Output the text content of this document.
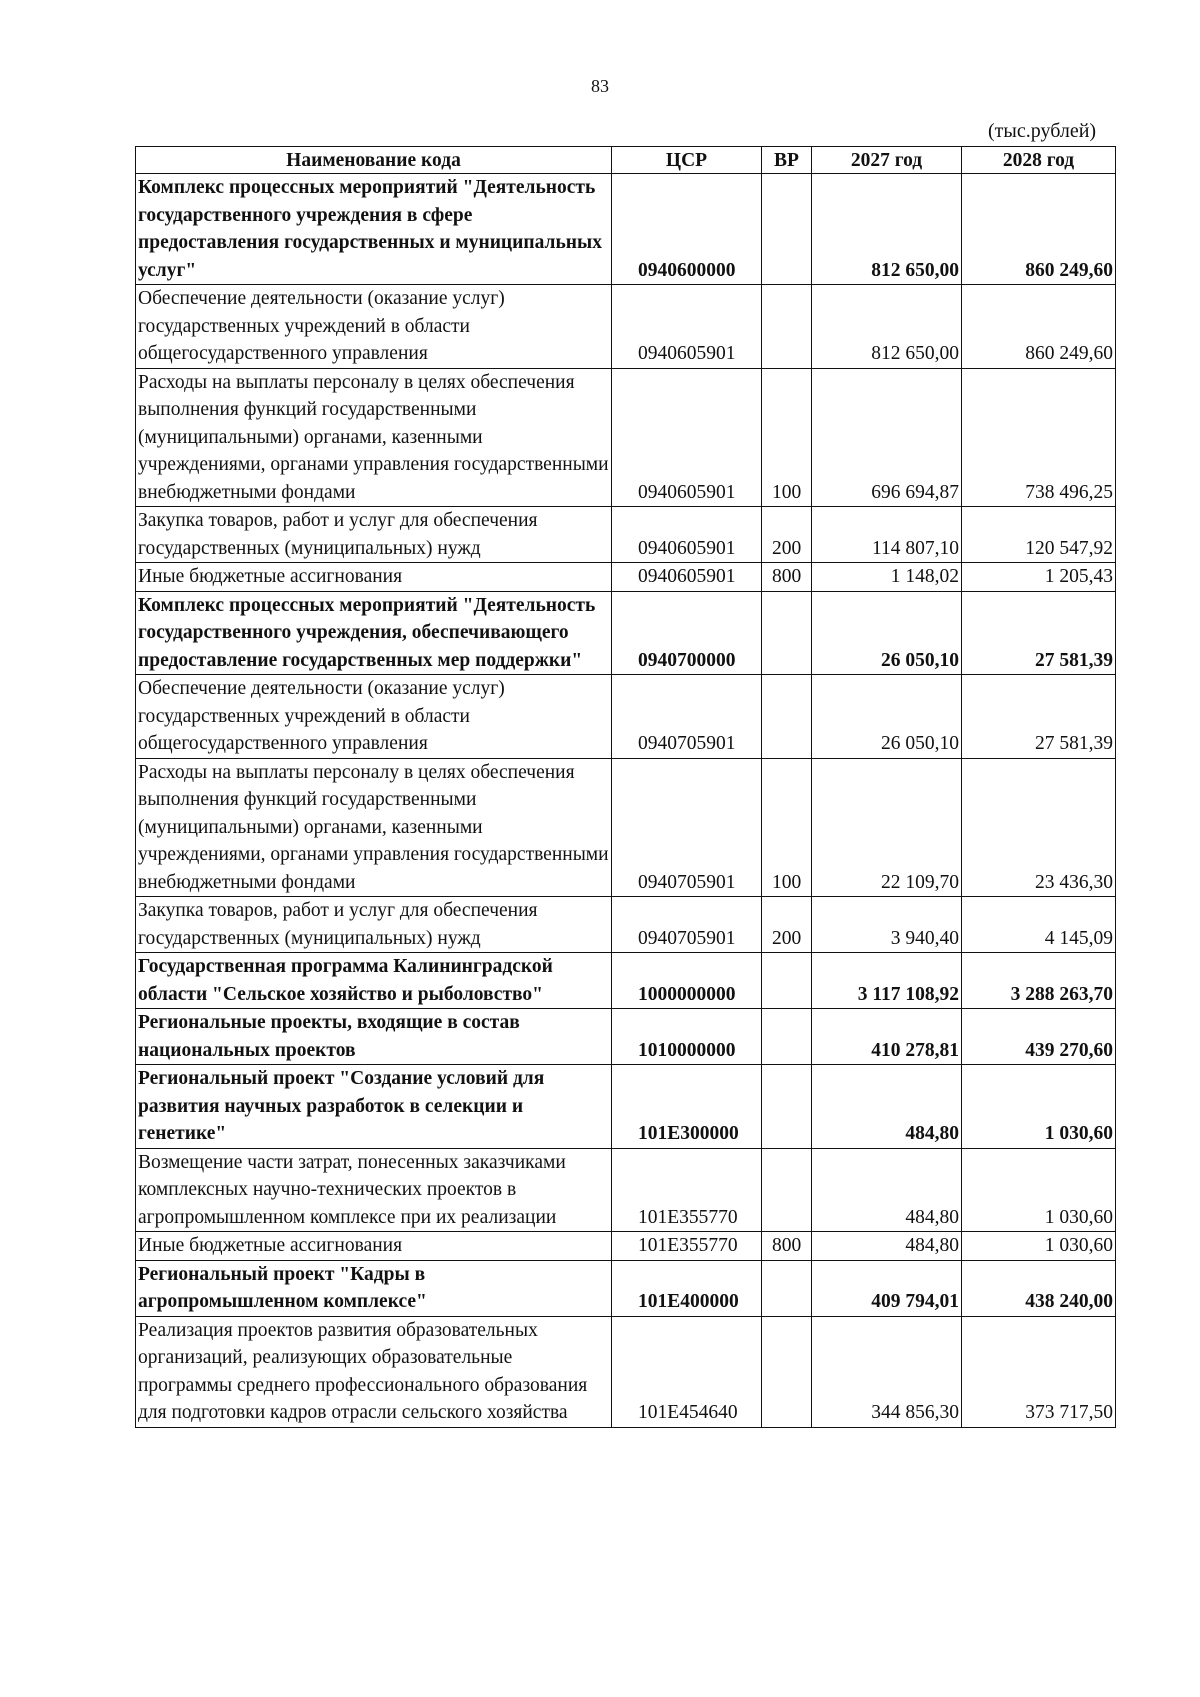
83
(тыс.рублей)
Наименование кода	ЦСР	ВР	2027 год	2028 год
Комплекс процессных мероприятий "Деятельность государственного учреждения в сфере предоставления государственных и муниципальных услуг"	0940600000		812 650,00	860 249,60
Обеспечение деятельности (оказание услуг) государственных учреждений в области общегосударственного управления	0940605901		812 650,00	860 249,60
Расходы на выплаты персоналу в целях обеспечения выполнения функций государственными (муниципальными) органами, казенными учреждениями, органами управления государственными внебюджетными фондами	0940605901	100	696 694,87	738 496,25
Закупка товаров, работ и услуг для обеспечения государственных (муниципальных) нужд	0940605901	200	114 807,10	120 547,92
Иные бюджетные ассигнования	0940605901	800	1 148,02	1 205,43
Комплекс процессных мероприятий "Деятельность государственного учреждения, обеспечивающего предоставление государственных мер поддержки"	0940700000		26 050,10	27 581,39
Обеспечение деятельности (оказание услуг) государственных учреждений в области общегосударственного управления	0940705901		26 050,10	27 581,39
Расходы на выплаты персоналу в целях обеспечения выполнения функций государственными (муниципальными) органами, казенными учреждениями, органами управления государственными внебюджетными фондами	0940705901	100	22 109,70	23 436,30
Закупка товаров, работ и услуг для обеспечения государственных (муниципальных) нужд	0940705901	200	3 940,40	4 145,09
Государственная программа Калининградской области "Сельское хозяйство и рыболовство"	1000000000		3 117 108,92	3 288 263,70
Региональные проекты, входящие в состав национальных проектов	1010000000		410 278,81	439 270,60
Региональный проект "Создание условий для развития научных разработок в селекции и генетике"	101Е300000		484,80	1 030,60
Возмещение части затрат, понесенных заказчиками комплексных научно-технических проектов в агропромышленном комплексе при их реализации	101Е355770		484,80	1 030,60
Иные бюджетные ассигнования	101Е355770	800	484,80	1 030,60
Региональный проект "Кадры в агропромышленном комплексе"	101Е400000		409 794,01	438 240,00
Реализация проектов развития образовательных организаций, реализующих образовательные программы среднего профессионального образования для подготовки кадров отрасли сельского хозяйства	101Е454640		344 856,30	373 717,50
